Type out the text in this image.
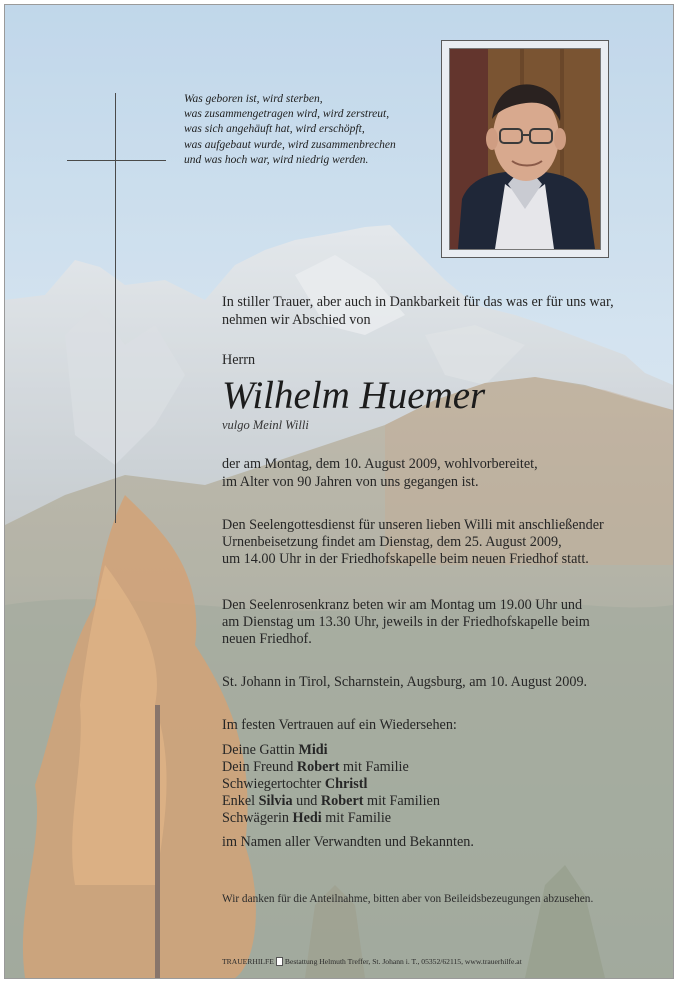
Was geboren ist, wird sterben,
was zusammengetragen wird, wird zerstreut,
was sich angehäuft hat, wird erschöpft,
was aufgebaut wurde, wird zusammenbrechen
und was hoch war, wird niedrig werden.
In stiller Trauer, aber auch in Dankbarkeit für das was er für uns war,
nehmen wir Abschied von
Herrn
Wilhelm Huemer
vulgo Meinl Willi
der am Montag, dem 10. August 2009, wohlvorbereitet,
im Alter von 90 Jahren von uns gegangen ist.
Den Seelengottesdienst für unseren lieben Willi mit anschließender
Urnenbeisetzung findet am Dienstag, dem 25. August 2009,
um 14.00 Uhr in der Friedhofskapelle beim neuen Friedhof statt.
Den Seelenrosenkranz beten wir am Montag um 19.00 Uhr und
am Dienstag um 13.30 Uhr, jeweils in der Friedhofskapelle beim
neuen Friedhof.
St. Johann in Tirol, Scharnstein, Augsburg, am 10. August 2009.
Im festen Vertrauen auf ein Wiedersehen:
Deine Gattin Midi
Dein Freund Robert mit Familie
Schwiegertochter Christl
Enkel Silvia und Robert mit Familien
Schwägerin Hedi mit Familie
im Namen aller Verwandten und Bekannten.
Wir danken für die Anteilnahme, bitten aber von Beileidsbezeugungen abzusehen.
TRAUERHILFE Bestattung Helmuth Treffer, St. Johann i. T., 05352/62115, www.trauerhilfe.at
